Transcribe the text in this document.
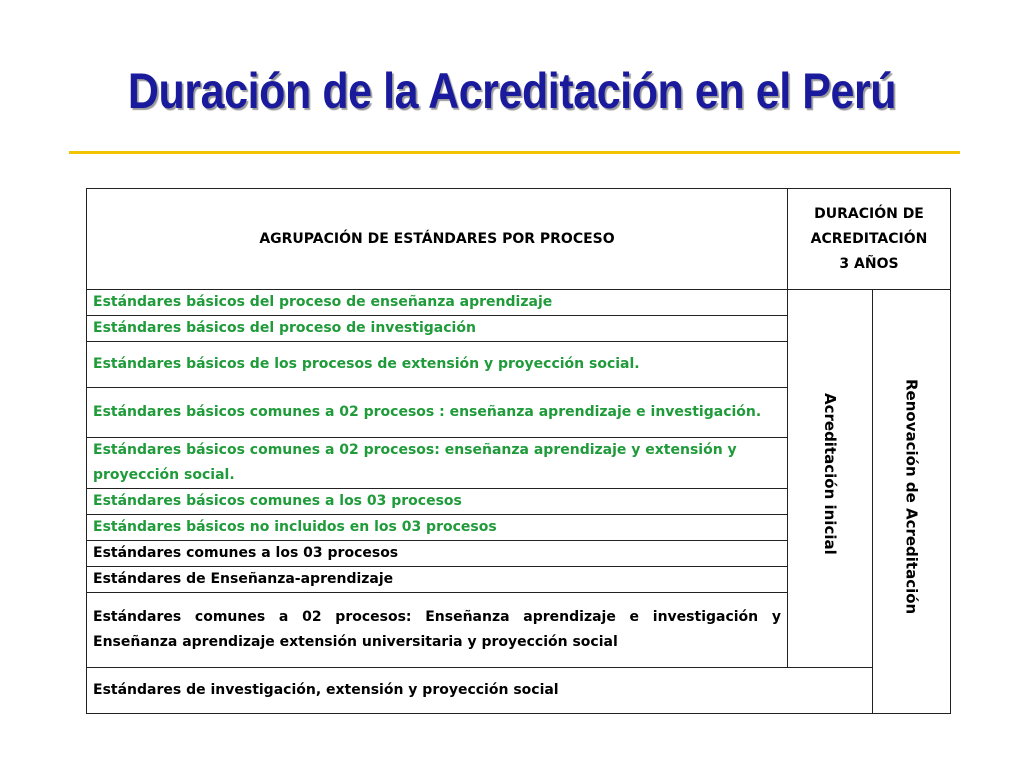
Duración de la Acreditación en el Perú
AGRUPACIÓN DE ESTÁNDARES POR PROCESO	DURACIÓN DE
ACREDITACIÓN
3 AÑOS	
Estándares básicos del proceso de enseñanza aprendizaje	Acreditación inicial	Renovación de Acreditación
Estándares básicos del proceso de investigación		
Estándares básicos de los procesos de extensión y proyección social.		
Estándares básicos comunes a 02 procesos : enseñanza aprendizaje e investigación.		
Estándares básicos comunes a 02 procesos: enseñanza aprendizaje y extensión y proyección social.		
Estándares básicos comunes a los 03 procesos		
Estándares básicos no incluidos en los 03 procesos		
Estándares comunes a los 03 procesos		
Estándares de Enseñanza-aprendizaje		
Estándares comunes a 02 procesos: Enseñanza aprendizaje e investigación y Enseñanza aprendizaje extensión universitaria y proyección social		
Estándares de investigación, extensión y proyección social		
